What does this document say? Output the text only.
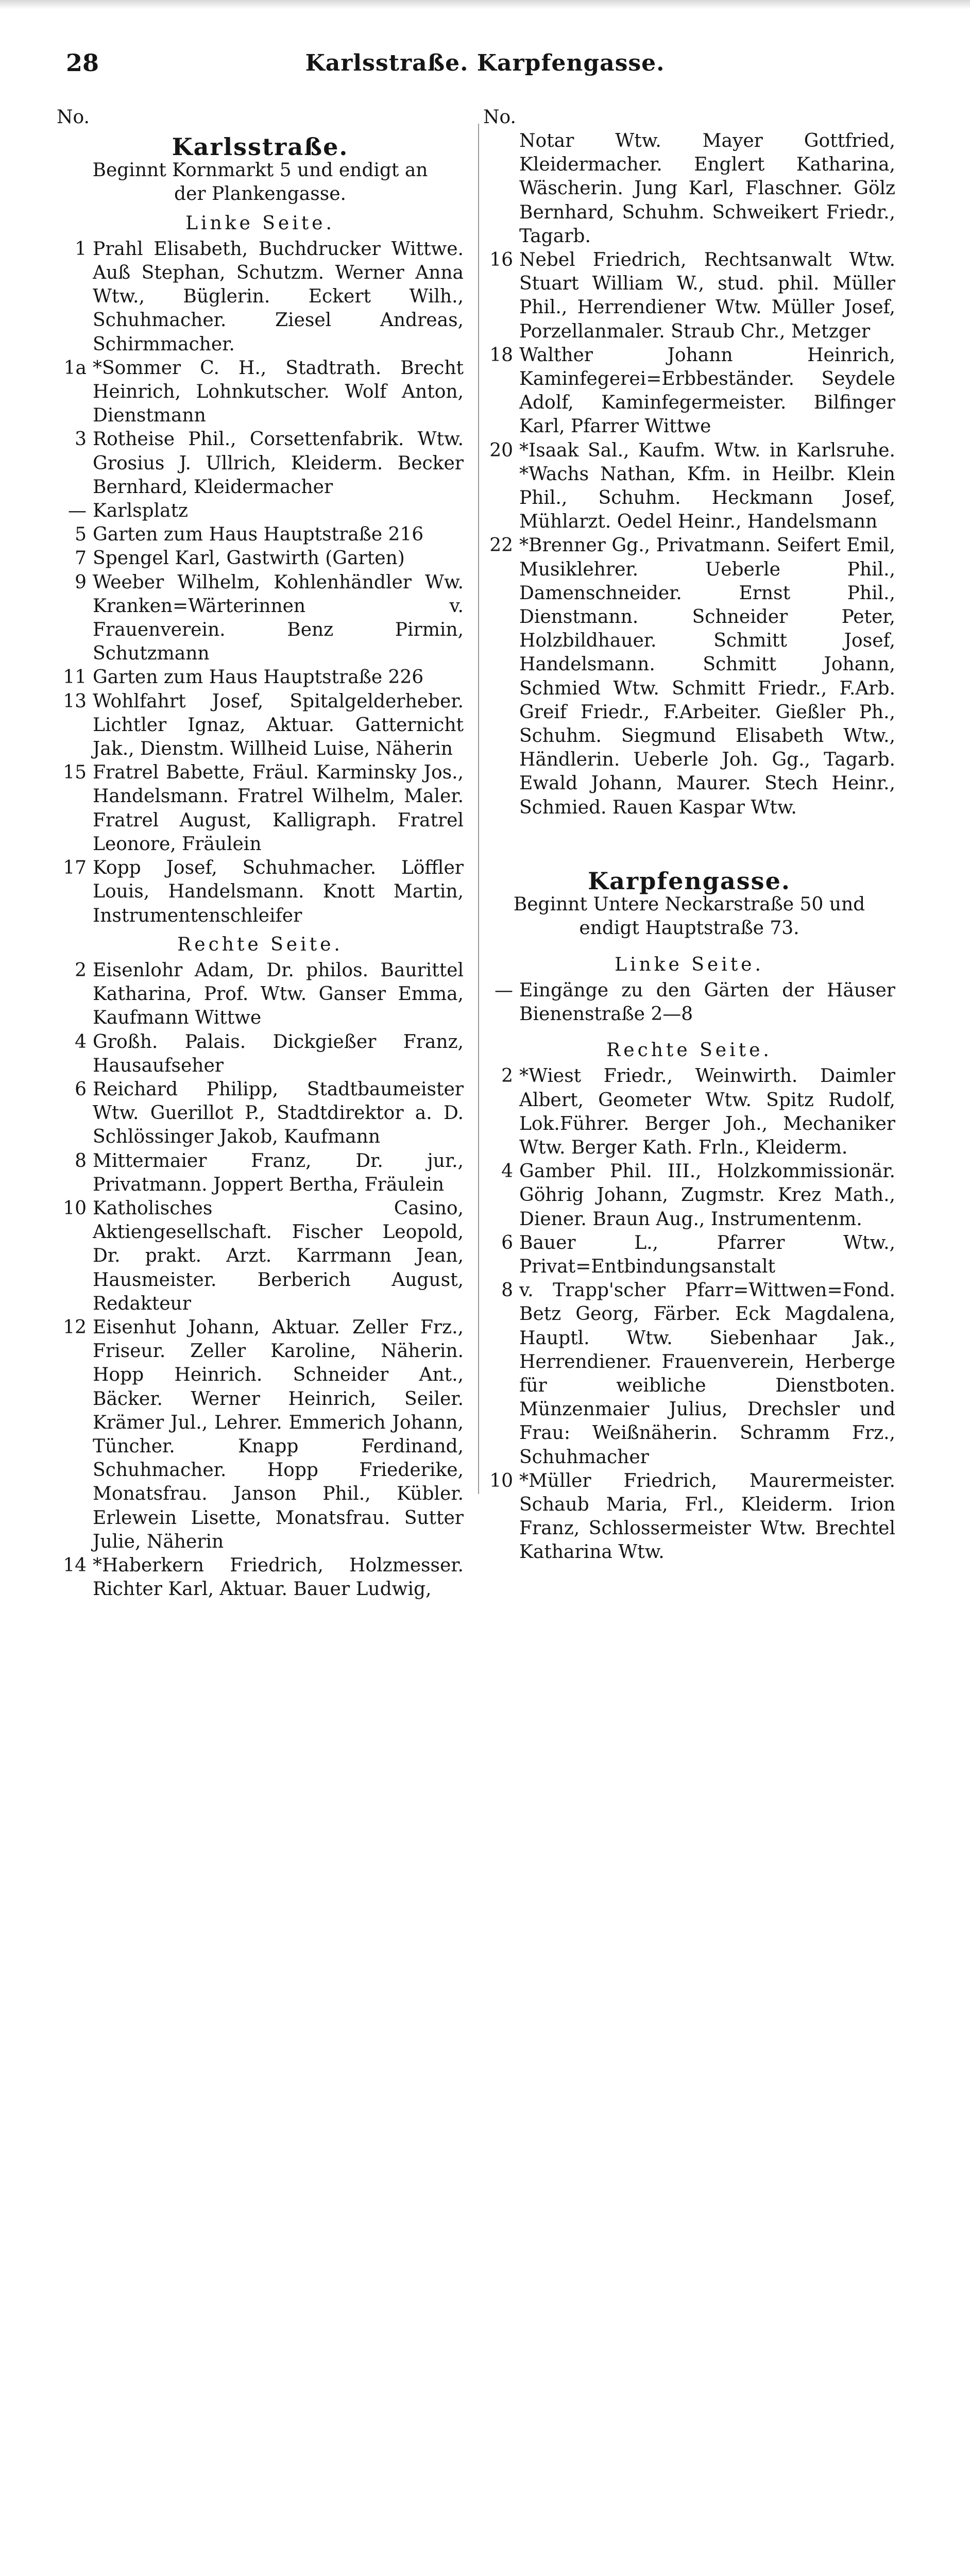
28	Karlsstraße. Karpfengasse.
No.
Karlsstraße.
Beginnt Kornmarkt 5 und endigt an der Plankengasse.
Linke Seite.
1 Prahl Elisabeth, Buchdrucker Wittwe. Auß Stephan, Schutzm. Werner Anna Wtw., Büglerin. Eckert Wilh., Schuhmacher. Ziesel Andreas, Schirmmacher.
1a *Sommer C. H., Stadtrath. Brecht Heinrich, Lohnkutscher. Wolf Anton, Dienstmann
3 Rotheise Phil., Corsettenfabrik. Wtw. Grosius J. Ullrich, Kleiderm. Becker Bernhard, Kleidermacher
— Karlsplatz
5 Garten zum Haus Hauptstraße 216
7 Spengel Karl, Gastwirth (Garten)
9 Weeber Wilhelm, Kohlenhändler Ww. Kranken=Wärterinnen v. Frauenverein. Benz Pirmin, Schutzmann
11 Garten zum Haus Hauptstraße 226
13 Wohlfahrt Josef, Spitalgelderheber. Lichtler Ignaz, Aktuar. Gatternicht Jak., Dienstm. Willheid Luise, Näherin
15 Fratrel Babette, Fräul. Karminsky Jos., Handelsmann. Fratrel Wilhelm, Maler. Fratrel August, Kalligraph. Fratrel Leonore, Fräulein
17 Kopp Josef, Schuhmacher. Löffler Louis, Handelsmann. Knott Martin, Instrumentenschleifer
Rechte Seite.
2 Eisenlohr Adam, Dr. philos. Baurittel Katharina, Prof. Wtw. Ganser Emma, Kaufmann Wittwe
4 Großh. Palais. Dickgießer Franz, Hausaufseher
6 Reichard Philipp, Stadtbaumeister Wtw. Guerillot P., Stadtdirektor a. D. Schlössinger Jakob, Kaufmann
8 Mittermaier Franz, Dr. jur., Privatmann. Joppert Bertha, Fräulein
10 Katholisches Casino, Aktiengesellschaft. Fischer Leopold, Dr. prakt. Arzt. Karrmann Jean, Hausmeister. Berberich August, Redakteur
12 Eisenhut Johann, Aktuar. Zeller Frz., Friseur. Zeller Karoline, Näherin. Hopp Heinrich. Schneider Ant., Bäcker. Werner Heinrich, Seiler. Krämer Jul., Lehrer. Emmerich Johann, Tüncher. Knapp Ferdinand, Schuhmacher. Hopp Friederike, Monatsfrau. Janson Phil., Kübler. Erlewein Lisette, Monatsfrau. Sutter Julie, Näherin
14 *Haberkern Friedrich, Holzmesser. Richter Karl, Aktuar. Bauer Ludwig,
No.
Notar Wtw. Mayer Gottfried, Kleidermacher. Englert Katharina, Wäscherin. Jung Karl, Flaschner. Gölz Bernhard, Schuhm. Schweikert Friedr., Tagarb.
16 Nebel Friedrich, Rechtsanwalt Wtw. Stuart William W., stud. phil. Müller Phil., Herrendiener Wtw. Müller Josef, Porzellanmaler. Straub Chr., Metzger
18 Walther Johann Heinrich, Kaminfegerei=Erbbeständer. Seydele Adolf, Kaminfegermeister. Bilfinger Karl, Pfarrer Wittwe
20 *Isaak Sal., Kaufm. Wtw. in Karlsruhe. *Wachs Nathan, Kfm. in Heilbr. Klein Phil., Schuhm. Heckmann Josef, Mühlarzt. Oedel Heinr., Handelsmann
22 *Brenner Gg., Privatmann. Seifert Emil, Musiklehrer. Ueberle Phil., Damenschneider. Ernst Phil., Dienstmann. Schneider Peter, Holzbildhauer. Schmitt Josef, Handelsmann. Schmitt Johann, Schmied Wtw. Schmitt Friedr., F.Arb. Greif Friedr., F.Arbeiter. Gießler Ph., Schuhm. Siegmund Elisabeth Wtw., Händlerin. Ueberle Joh. Gg., Tagarb. Ewald Johann, Maurer. Stech Heinr., Schmied. Rauen Kaspar Wtw.
Karpfengasse.
Beginnt Untere Neckarstraße 50 und endigt Hauptstraße 73.
Linke Seite.
— Eingänge zu den Gärten der Häuser Bienenstraße 2—8
Rechte Seite.
2 *Wiest Friedr., Weinwirth. Daimler Albert, Geometer Wtw. Spitz Rudolf, Lok.Führer. Berger Joh., Mechaniker Wtw. Berger Kath. Frln., Kleiderm.
4 Gamber Phil. III., Holzkommissionär. Göhrig Johann, Zugmstr. Krez Math., Diener. Braun Aug., Instrumentenm.
6 Bauer L., Pfarrer Wtw., Privat=Entbindungsanstalt
8 v. Trapp'scher Pfarr=Wittwen=Fond. Betz Georg, Färber. Eck Magdalena, Hauptl. Wtw. Siebenhaar Jak., Herrendiener. Frauenverein, Herberge für weibliche Dienstboten. Münzenmaier Julius, Drechsler und Frau: Weißnäherin. Schramm Frz., Schuhmacher
10 *Müller Friedrich, Maurermeister. Schaub Maria, Frl., Kleiderm. Irion Franz, Schlossermeister Wtw. Brechtel Katharina Wtw.
